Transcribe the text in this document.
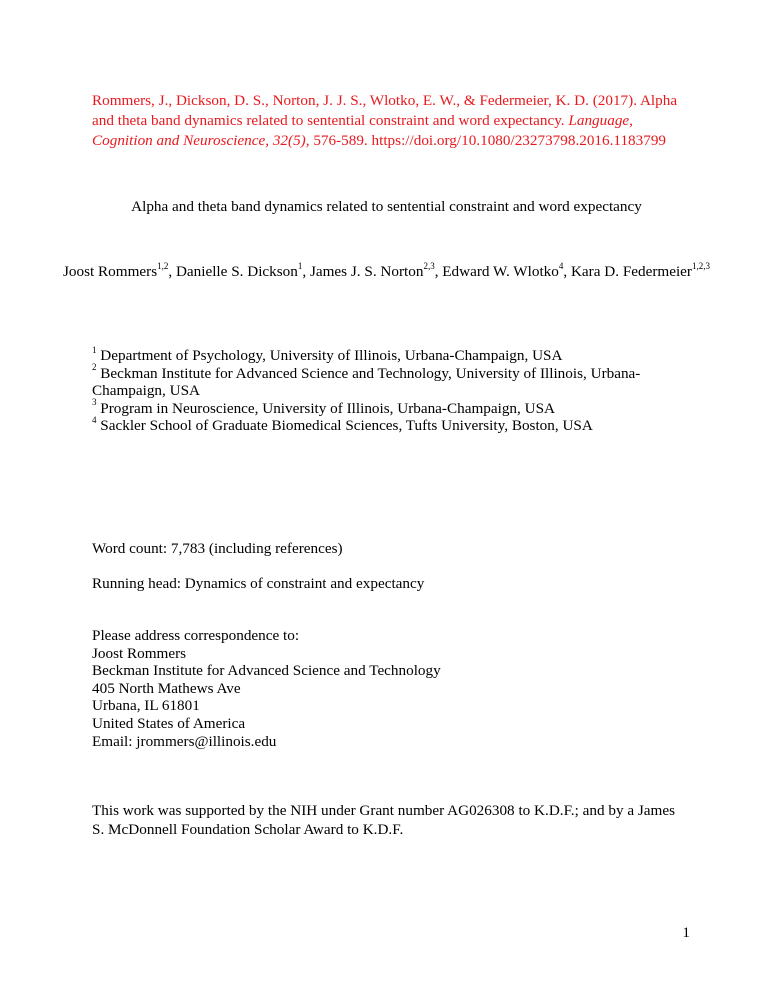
Rommers, J., Dickson, D. S., Norton, J. J. S., Wlotko, E. W., & Federmeier, K. D. (2017). Alpha and theta band dynamics related to sentential constraint and word expectancy. Language, Cognition and Neuroscience, 32(5), 576-589. https://doi.org/10.1080/23273798.2016.1183799
Alpha and theta band dynamics related to sentential constraint and word expectancy
Joost Rommers$^{1,2}$, Danielle S. Dickson$^1$, James J. S. Norton$^{2,3}$, Edward W. Wlotko$^4$, Kara D. Federmeier$^{1,2,3}$
$^1$ Department of Psychology, University of Illinois, Urbana-Champaign, USA
$^2$ Beckman Institute for Advanced Science and Technology, University of Illinois, Urbana-Champaign, USA
$^3$ Program in Neuroscience, University of Illinois, Urbana-Champaign, USA
$^4$ Sackler School of Graduate Biomedical Sciences, Tufts University, Boston, USA
Word count: 7,783 (including references)
Running head: Dynamics of constraint and expectancy
Please address correspondence to:
Joost Rommers
Beckman Institute for Advanced Science and Technology
405 North Mathews Ave
Urbana, IL 61801
United States of America
Email: jrommers@illinois.edu
This work was supported by the NIH under Grant number AG026308 to K.D.F.; and by a James S. McDonnell Foundation Scholar Award to K.D.F.
1
